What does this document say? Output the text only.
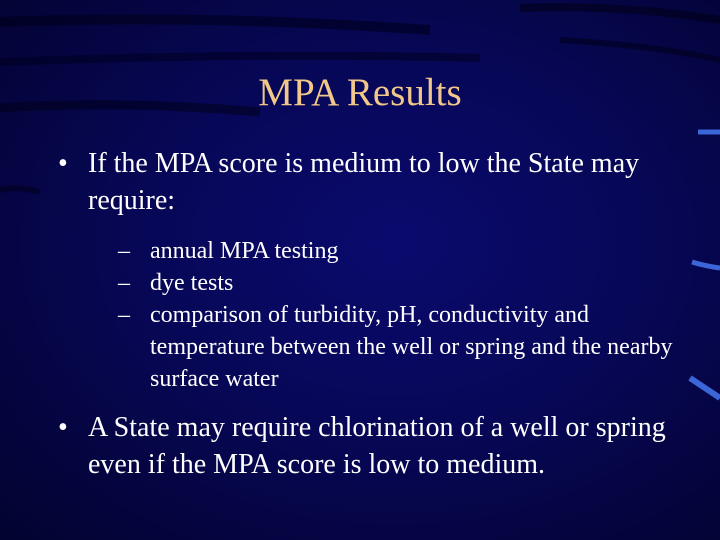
MPA Results
• If the MPA score is medium to low the State may require:
– annual MPA testing
– dye tests
– comparison of turbidity, pH, conductivity and temperature between the well or spring and the nearby surface water
• A State may require chlorination of a well or spring even if the MPA score is low to medium.
